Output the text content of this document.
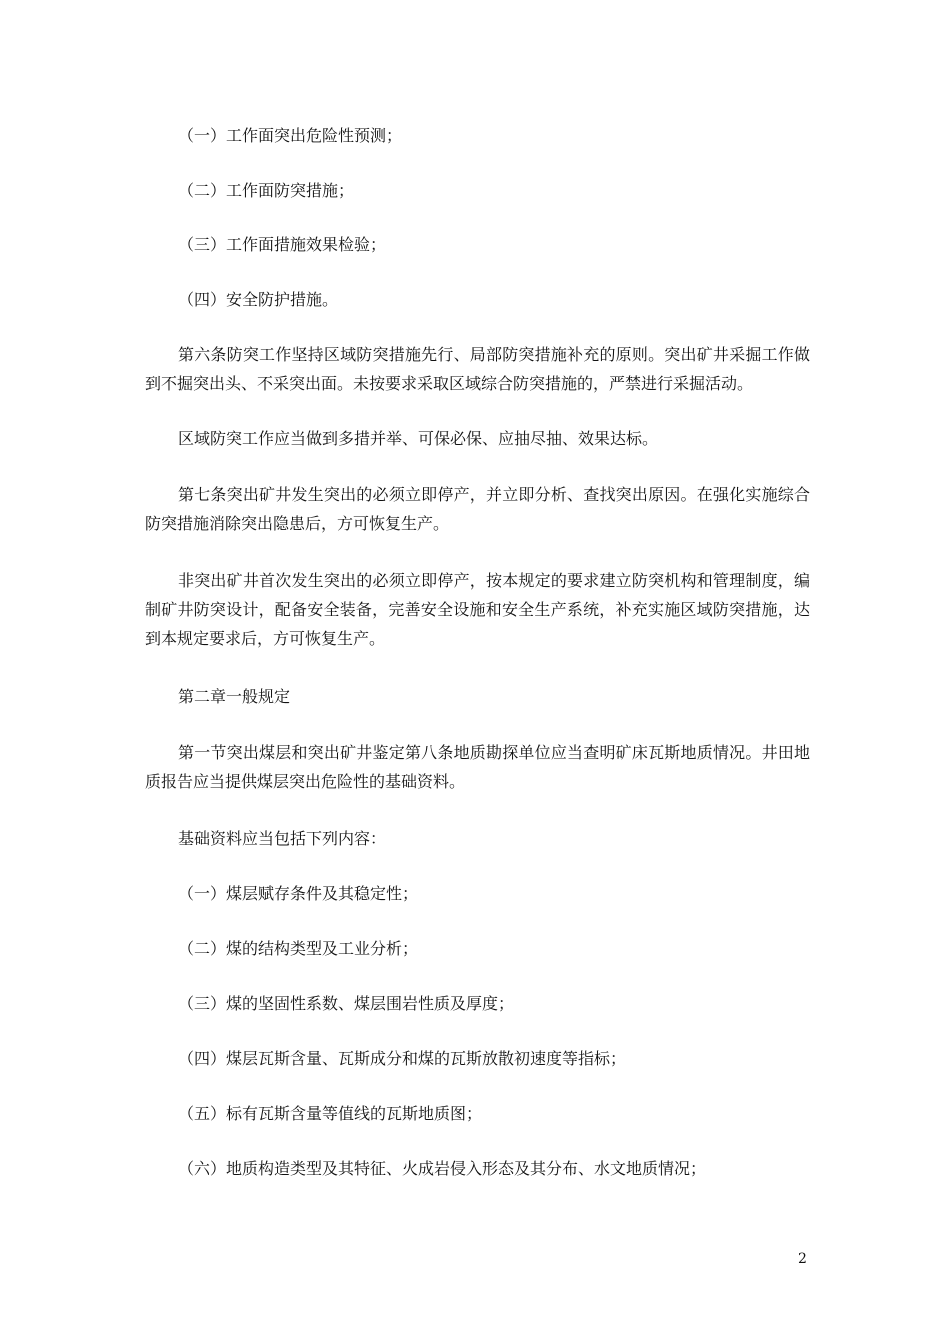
（一）工作面突出危险性预测；

（二）工作面防突措施；

（三）工作面措施效果检验；

（四）安全防护措施。

第六条防突工作坚持区域防突措施先行、局部防突措施补充的原则。突出矿井采掘工作做到不掘突出头、不采突出面。未按要求采取区域综合防突措施的，严禁进行采掘活动。

区域防突工作应当做到多措并举、可保必保、应抽尽抽、效果达标。

第七条突出矿井发生突出的必须立即停产，并立即分析、查找突出原因。在强化实施综合防突措施消除突出隐患后，方可恢复生产。

非突出矿井首次发生突出的必须立即停产，按本规定的要求建立防突机构和管理制度，编制矿井防突设计，配备安全装备，完善安全设施和安全生产系统，补充实施区域防突措施，达到本规定要求后，方可恢复生产。

第二章一般规定

第一节突出煤层和突出矿井鉴定第八条地质勘探单位应当查明矿床瓦斯地质情况。井田地质报告应当提供煤层突出危险性的基础资料。

基础资料应当包括下列内容：

（一）煤层赋存条件及其稳定性；

（二）煤的结构类型及工业分析；

（三）煤的坚固性系数、煤层围岩性质及厚度；

（四）煤层瓦斯含量、瓦斯成分和煤的瓦斯放散初速度等指标；

（五）标有瓦斯含量等值线的瓦斯地质图；

（六）地质构造类型及其特征、火成岩侵入形态及其分布、水文地质情况；

2
